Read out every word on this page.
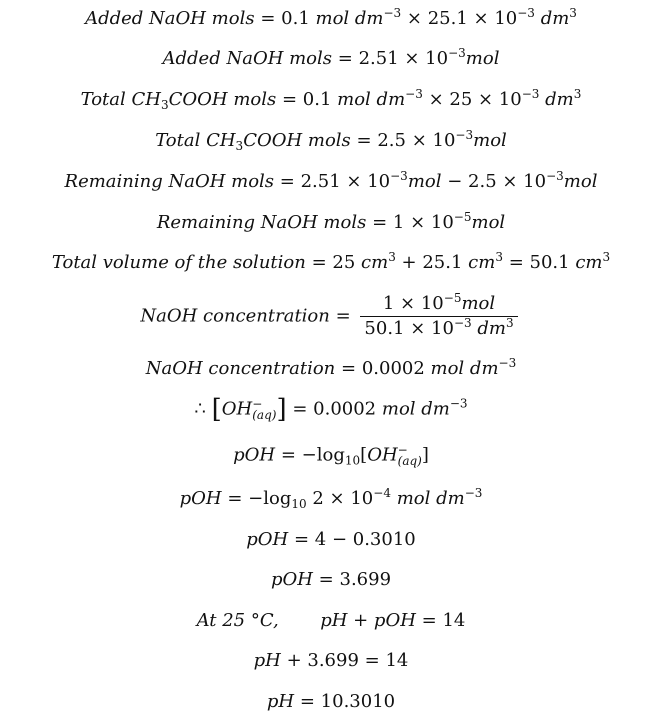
Added NaOH mols = 0.1 mol $dm^{-3} \times 25.1 \times 10^{-3}$ $dm^3$
Added NaOH mols = $2.51 \times 10^{-3}mol$
Total $CH_3COOH$ mols = 0.1 mol $dm^{-3} \times 25 \times 10^{-3}$ $dm^3$
Total $CH_3COOH$ mols = $2.5 \times 10^{-3}mol$
Remaining NaOH mols = $2.51 \times 10^{-3}mol - 2.5 \times 10^{-3}mol$
Remaining NaOH mols = $1 \times 10^{-5}mol$
Total volume of the solution = 25 $cm^3 + 25.1$ $cm^3 = 50.1$ $cm^3$
NaOH concentration = $\frac{1 \times 10^{-5}mol}{50.1 \times 10^{-3} dm^3}$
NaOH concentration = 0.0002 mol $dm^{-3}$
∴ [OH −
(aq) ] = 0.0002 mol $dm^{-3}$
pOH = $-\log_{10}[OH$ −
(aq) ]
pOH = $-\log_{10}$ $2 \times 10^{-4}$ mol $dm^{-3}$
pOH = 4 − 0.3010
pOH = 3.699
At 25 °C, pH + pOH = 14
pH + 3.699 = 14
pH = 10.3010
